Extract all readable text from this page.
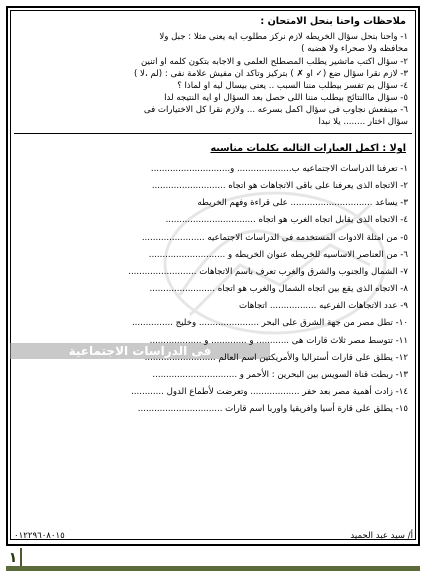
فى الدراسات الاجتماعية
ملاحظات واحنا بنحل الامتحان :
١- واحنا بنحل سؤال الخريطه لازم نركز مطلوب ايه يعنى مثلا : جبل ولا
محافظه ولا صحراء ولا هضبه )
٢- سؤال اكتب ماتشير يطلب المصطلح العلمى و الاجابه بتكون كلمه او اتنين
٣- لازم نقرا سؤال ضع (✓ او ✗ ) بتركيز وتأكد ان مفيش علامة نفى : (لم ،لا )
٤- سؤال بم تفسر بيطلب مننا السبب .. يعنى بيسأل ليه او لماذا ؟
٥- سؤال ماالنتائج بيطلب مننا اللى حصل بعد السؤال او ايه النتيجه لدا
٦- مينفعش نجاوب فى سؤال اكمل بسرعه ... ولازم نقرا كل الاختيارات فى
سؤال اختار ........ يلا نبدأ
اولا : اكمل العبارات التاليه بكلمات مناسبه
١- تعرفنا الدراسات الاجتماعيه ب.................... و.............................
٢- الاتجاه الذى يعرفنا على باقى الاتجاهات هو اتجاه ...........................
٣- يساعد .............................. على قراءة وفهم الخريطه
٤- الاتجاه الذى يقابل اتجاه الغرب هو اتجاه .................................
٥- من امثلة الادوات المستخدمه فى الدراسات الاجتماعيه .......................
٦- من العناصر الاساسيه للخريطه عنوان الخريطه و ............................
٧- الشمال والجنوب والشرق والغرب تعرف باسم الاتجاهات .........................
٨- الاتجاه الذى يقع بين اتجاه الشمال والغرب هو اتجاه ........................
٩- عدد الاتجاهات الفرعيه ................. اتجاهات
١٠- تطل مصر من جهة الشرق على البحر ...................... وخليج ...............
١١- تتوسط مصر ثلاث قارات هى ............ و ............. و ...................
١٢- يطلق على قارات أستراليا والأمريكتين اسم العالم ..........................
١٣- ربطت قناة السويس بين البحرين : الأحمر و ...............................
١٤- زادت أهمية مصر بعد حفر .................. وتعرضت لأطماع الدول ............
١٥- يطلق على قارة أسيا وافريقيا واوربا اسم قارات ...............................
أ/ سيد عبد الحميد
٠١٢٢٩٦٠٨٠١٥
١
